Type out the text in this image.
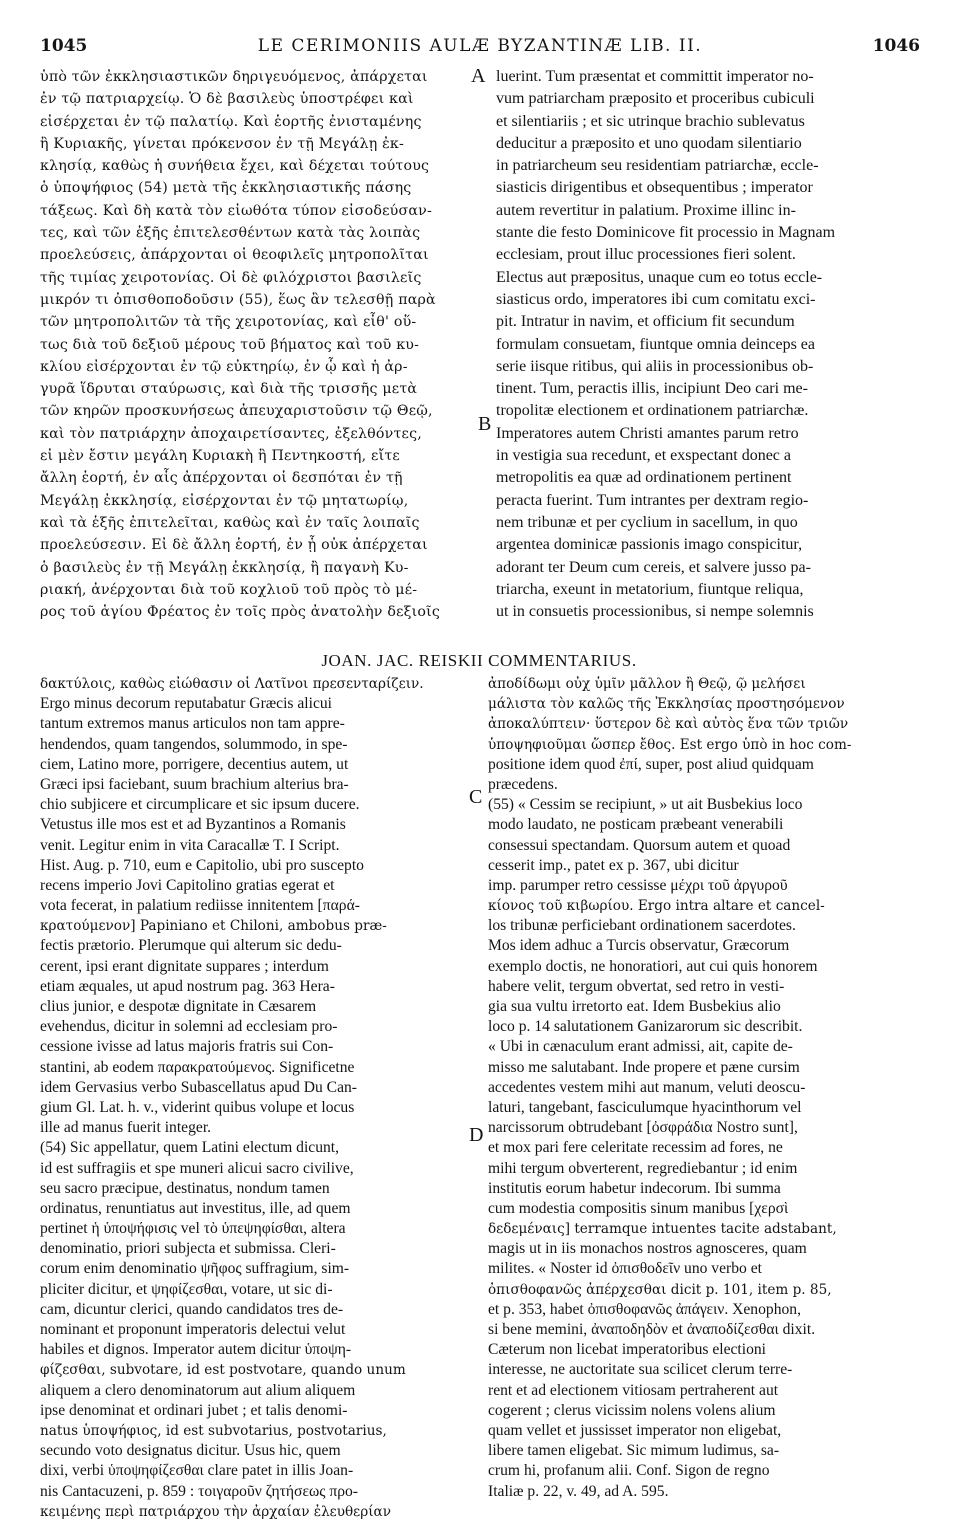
1045	LE CERIMONIIS AULÆ BYZANTINÆ LIB. II.	1046
ὑπὸ τῶν ἐκκλησιαστικῶν δηριγευόμενος, ἀπάρχεται
ἐν τῷ πατριαρχείῳ. Ὁ δὲ βασιλεὺς ὑποστρέφει καὶ
εἰσέρχεται ἐν τῷ παλατίῳ. Καὶ ἑορτῆς ἐνισταμένης
ἢ Κυριακῆς, γίνεται πρόκενσον ἐν τῇ Μεγάλῃ ἐκ-
κλησίᾳ, καθὼς ἡ συνήθεια ἔχει, καὶ δέχεται τούτους
ὁ ὑποψήφιος (54) μετὰ τῆς ἐκκλησιαστικῆς πάσης
τάξεως. Καὶ δὴ κατὰ τὸν εἰωθότα τύπον εἰσοδεύσαν-
τες, καὶ τῶν ἑξῆς ἐπιτελεσθέντων κατὰ τὰς λοιπὰς
προελεύσεις, ἀπάρχονται οἱ θεοφιλεῖς μητροπολῖται
τῆς τιμίας χειροτονίας. Οἱ δὲ φιλόχριστοι βασιλεῖς
μικρόν τι ὀπισθοποδοῦσιν (55), ἕως ἂν τελεσθῇ παρὰ
τῶν μητροπολιτῶν τὰ τῆς χειροτονίας, καὶ εἶθ' οὕ-
τως διὰ τοῦ δεξιοῦ μέρους τοῦ βήματος καὶ τοῦ κυ-
κλίου εἰσέρχονται ἐν τῷ εὐκτηρίῳ, ἐν ᾧ καὶ ἡ ἀρ-
γυρᾶ ἵδρυται σταύρωσις, καὶ διὰ τῆς τρισσῆς μετὰ
τῶν κηρῶν προσκυνήσεως ἀπευχαριστοῦσιν τῷ Θεῷ,
καὶ τὸν πατριάρχην ἀποχαιρετίσαντες, ἐξελθόντες,
εἰ μὲν ἔστιν μεγάλη Κυριακὴ ἢ Πεντηκοστή, εἴτε
ἄλλη ἑορτή, ἐν αἷς ἀπέρχονται οἱ δεσπόται ἐν τῇ
Μεγάλῃ ἐκκλησίᾳ, εἰσέρχονται ἐν τῷ μητατωρίῳ,
καὶ τὰ ἑξῆς ἐπιτελεῖται, καθὼς καὶ ἐν ταῖς λοιπαῖς
προελεύσεσιν. Εἰ δὲ ἄλλη ἑορτή, ἐν ᾗ οὐκ ἀπέρχεται
ὁ βασιλεὺς ἐν τῇ Μεγάλῃ ἐκκλησίᾳ, ἢ παγανὴ Κυ-
ριακή, ἀνέρχονται διὰ τοῦ κοχλιοῦ τοῦ πρὸς τὸ μέ-
ρος τοῦ ἁγίου Φρέατος ἐν τοῖς πρὸς ἀνατολὴν δεξιοῖς
luerint. Tum præsentat et committit imperator no-
vum patriarcham præposito et proceribus cubiculi
et silentiariis ; et sic utrinque brachio sublevatus
deducitur a præposito et uno quodam silentiario
in patriarcheum seu residentiam patriarchæ, eccle-
siasticis dirigentibus et obsequentibus ; imperator
autem revertitur in palatium. Proxime illinc in-
stante die festo Dominicove fit processio in Magnam
ecclesiam, prout illuc processiones fieri solent.
Electus aut præpositus, unaque cum eo totus eccle-
siasticus ordo, imperatores ibi cum comitatu exci-
pit. Intratur in navim, et officium fit secundum
formulam consuetam, fiuntque omnia deinceps ea
serie iisque ritibus, qui aliis in processionibus ob-
tinent. Tum, peractis illis, incipiunt Deo cari me-
tropolitæ electionem et ordinationem patriarchæ.
Imperatores autem Christi amantes parum retro
in vestigia sua recedunt, et exspectant donec a
metropolitis ea quæ ad ordinationem pertinent
peracta fuerint. Tum intrantes per dextram regio-
nem tribunæ et per cyclium in sacellum, in quo
argentea dominicæ passionis imago conspicitur,
adorant ter Deum cum cereis, et salvere jusso pa-
triarcha, exeunt in metatorium, fiuntque reliqua,
ut in consuetis processionibus, si nempe solemnis
A
B
JOAN. JAC. REISKII COMMENTARIUS.
δακτύλοις, καθὼς εἰώθασιν οἱ Λατῖνοι πρεσενταρίζειν.
Ergo minus decorum reputabatur Græcis alicui
tantum extremos manus articulos non tam appre-
hendendos, quam tangendos, solummodo, in spe-
ciem, Latino more, porrigere, decentius autem, ut
Græci ipsi faciebant, suum brachium alterius bra-
chio subjicere et circumplicare et sic ipsum ducere.
Vetustus ille mos est et ad Byzantinos a Romanis
venit. Legitur enim in vita Caracallæ T. I Script.
Hist. Aug. p. 710, eum e Capitolio, ubi pro suscepto
recens imperio Jovi Capitolino gratias egerat et
vota fecerat, in palatium rediisse innitentem [παρά-
κρατούμενον] Papiniano et Chiloni, ambobus præ-
fectis prætorio. Plerumque qui alterum sic dedu-
cerent, ipsi erant dignitate suppares ; interdum
etiam æquales, ut apud nostrum pag. 363 Hera-
clius junior, e despotæ dignitate in Cæsarem
evehendus, dicitur in solemni ad ecclesiam pro-
cessione ivisse ad latus majoris fratris sui Con-
stantini, ab eodem παρακρατούμενος. Significetne
idem Gervasius verbo Subascellatus apud Du Can-
gium Gl. Lat. h. v., viderint quibus volupe et locus
ille ad manus fuerit integer.
(54) Sic appellatur, quem Latini electum dicunt,
id est suffragiis et spe muneri alicui sacro civilive,
seu sacro præcipue, destinatus, nondum tamen
ordinatus, renuntiatus aut investitus, ille, ad quem
pertinet ἡ ὑποψήφισις vel τὸ ὑπεψηφίσθαι, altera
denominatio, priori subjecta et submissa. Cleri-
corum enim denominatio ψῆφος suffragium, sim-
pliciter dicitur, et ψηφίζεσθαι, votare, ut sic di-
cam, dicuntur clerici, quando candidatos tres de-
nominant et proponunt imperatoris delectui velut
habiles et dignos. Imperator autem dicitur ὑποψη-
φίζεσθαι, subvotare, id est postvotare, quando unum
aliquem a clero denominatorum aut alium aliquem
ipse denominat et ordinari jubet ; et talis denomi-
natus ὑποψήφιος, id est subvotarius, postvotarius,
secundo voto designatus dicitur. Usus hic, quem
dixi, verbi ὑποψηφίζεσθαι clare patet in illis Joan-
nis Cantacuzeni, p. 859 : τοιγαροῦν ζητήσεως προ-
κειμένης περὶ πατριάρχου τὴν ἀρχαίαν ἐλευθερίαν
ἀποδίδωμι οὐχ ὑμῖν μᾶλλον ἢ Θεῷ, ῷ μελήσει
μάλιστα τὸν καλῶς τῆς Ἐκκλησίας προστησόμενον
ἀποκαλύπτειν· ὕστερον δὲ καὶ αὐτὸς ἕνα τῶν τριῶν
ὑποψηφιοῦμαι ὥσπερ ἔθος. Est ergo ὑπὸ in hoc com-
positione idem quod ἐπί, super, post aliud quidquam
præcedens.
(55) « Cessim se recipiunt, » ut ait Busbekius loco
modo laudato, ne posticam præbeant venerabili
consessui spectandam. Quorsum autem et quoad
cesserit imp., patet ex p. 367, ubi dicitur
imp. parumper retro cessisse μέχρι τοῦ ἀργυροῦ
κίονος τοῦ κιβωρίου. Ergo intra altare et cancel-
los tribunæ perficiebant ordinationem sacerdotes.
Mos idem adhuc a Turcis observatur, Græcorum
exemplo doctis, ne honoratiori, aut cui quis honorem
habere velit, tergum obvertat, sed retro in vesti-
gia sua vultu irretorto eat. Idem Busbekius alio
loco p. 14 salutationem Ganizarorum sic describit.
« Ubi in cænaculum erant admissi, ait, capite de-
misso me salutabant. Inde propere et pæne cursim
accedentes vestem mihi aut manum, veluti deoscu-
laturi, tangebant, fasciculumque hyacinthorum vel
narcissorum obtrudebant [ὀσφράδια Nostro sunt],
et mox pari fere celeritate recessim ad fores, ne
mihi tergum obverterent, regrediebantur ; id enim
institutis eorum habetur indecorum. Ibi summa
cum modestia compositis sinum manibus [χερσὶ
δεδεμέναις] terramque intuentes tacite adstabant,
magis ut in iis monachos nostros agnosceres, quam
milites. « Noster id ὀπισθοδεῖν uno verbo et
ὀπισθοφανῶς ἀπέρχεσθαι dicit p. 101, item p. 85,
et p. 353, habet ὀπισθοφανῶς ἀπάγειν. Xenophon,
si bene memini, ἀναποδηδὸν et ἀναποδίζεσθαι dixit.
Cæterum non licebat imperatoribus electioni
interesse, ne auctoritate sua scilicet clerum terre-
rent et ad electionem vitiosam pertraherent aut
cogerent ; clerus vicissim nolens volens alium
quam vellet et jussisset imperator non eligebat,
libere tamen eligebat. Sic mimum ludimus, sa-
crum hi, profanum alii. Conf. Sigon de regno
Italiæ p. 22, v. 49, ad A. 595.
C
D
